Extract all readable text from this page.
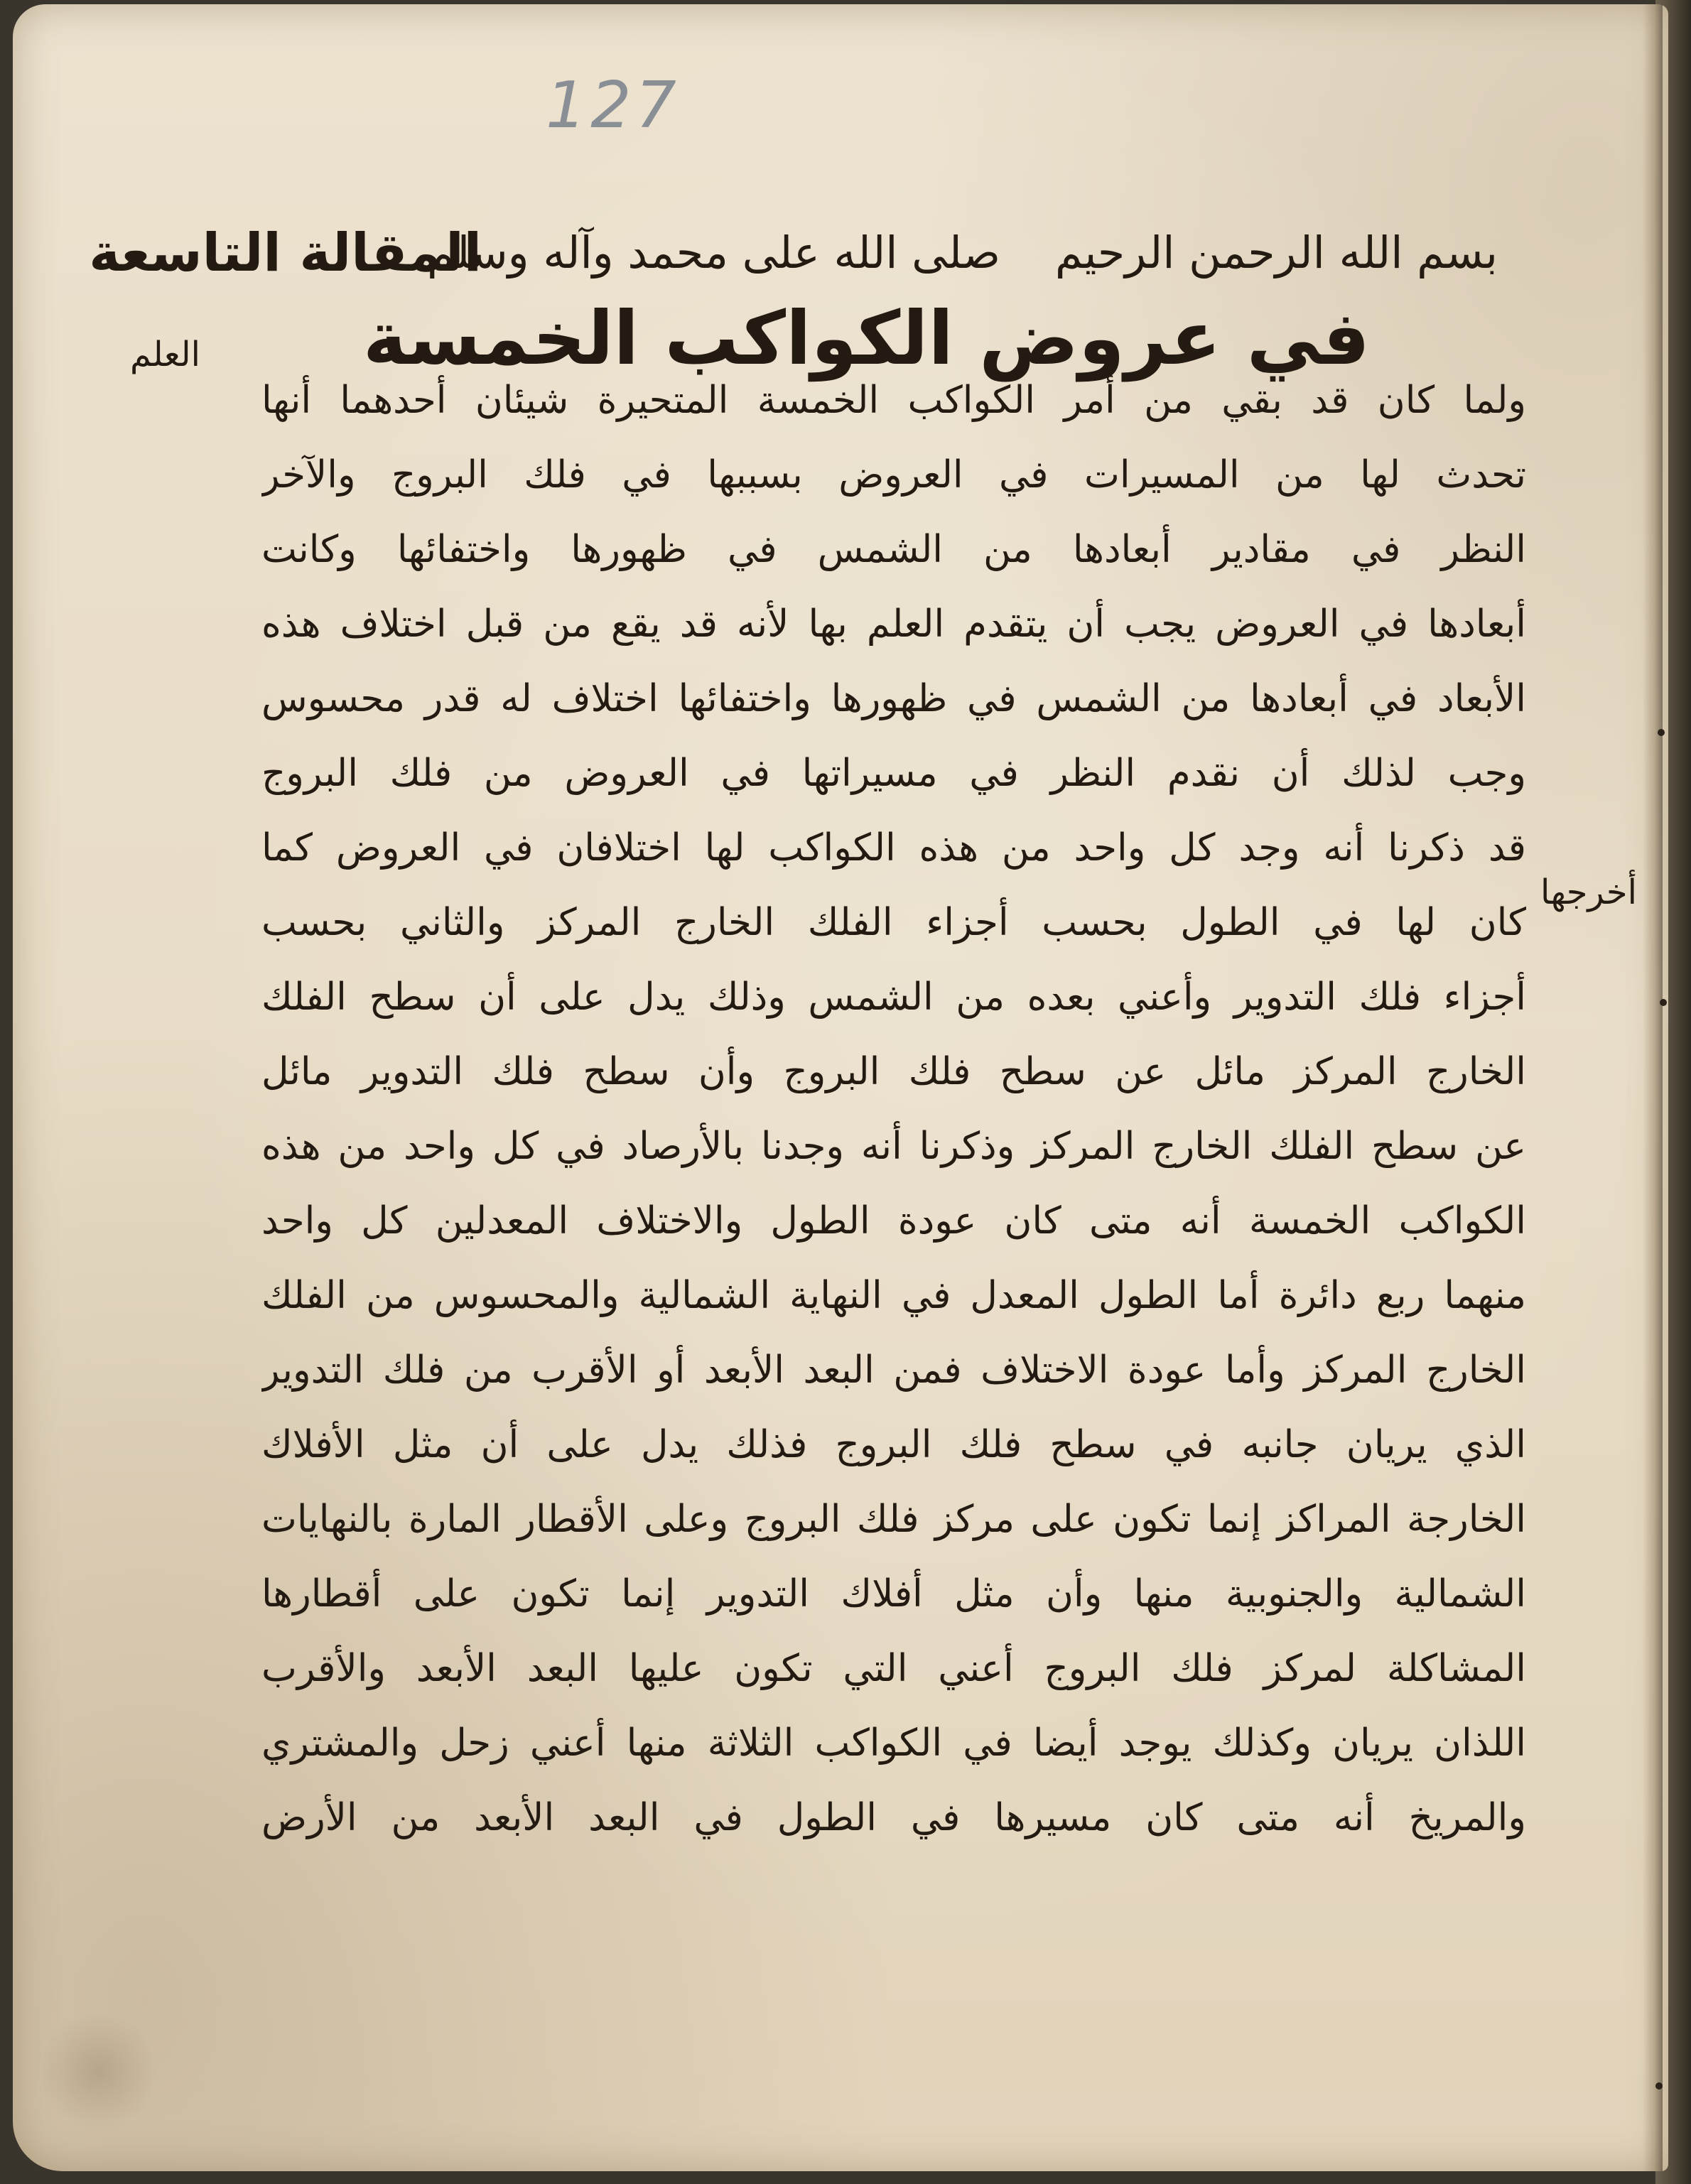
127
بسم الله الرحمن الرحيم
صلى الله على محمد وآله وسلم
المقالة التاسعة
في عروض الكواكب الخمسة
العلم
أخرجها
ولما كان قد بقي من أمر الكواكب الخمسة المتحيرة شيئان أحدهما أنها
تحدث لها من المسيرات في العروض بسببها في فلك البروج والآخر
النظر في مقادير أبعادها من الشمس في ظهورها واختفائها وكانت
أبعادها في العروض يجب أن يتقدم العلم بها لأنه قد يقع من قبل اختلاف هذه
الأبعاد في أبعادها من الشمس في ظهورها واختفائها اختلاف له قدر محسوس
وجب لذلك أن نقدم النظر في مسيراتها في العروض من فلك البروج
قد ذكرنا أنه وجد كل واحد من هذه الكواكب لها اختلافان في العروض كما
كان لها في الطول بحسب أجزاء الفلك الخارج المركز والثاني بحسب
أجزاء فلك التدوير وأعني بعده من الشمس وذلك يدل على أن سطح الفلك
الخارج المركز مائل عن سطح فلك البروج وأن سطح فلك التدوير مائل
عن سطح الفلك الخارج المركز وذكرنا أنه وجدنا بالأرصاد في كل واحد من هذه
الكواكب الخمسة أنه متى كان عودة الطول والاختلاف المعدلين كل واحد
منهما ربع دائرة أما الطول المعدل في النهاية الشمالية والمحسوس من الفلك
الخارج المركز وأما عودة الاختلاف فمن البعد الأبعد أو الأقرب من فلك التدوير
الذي يريان جانبه في سطح فلك البروج فذلك يدل على أن مثل الأفلاك
الخارجة المراكز إنما تكون على مركز فلك البروج وعلى الأقطار المارة بالنهايات
الشمالية والجنوبية منها وأن مثل أفلاك التدوير إنما تكون على أقطارها
المشاكلة لمركز فلك البروج أعني التي تكون عليها البعد الأبعد والأقرب
اللذان يريان وكذلك يوجد أيضا في الكواكب الثلاثة منها أعني زحل والمشتري
والمريخ أنه متى كان مسيرها في الطول في البعد الأبعد من الأرض
